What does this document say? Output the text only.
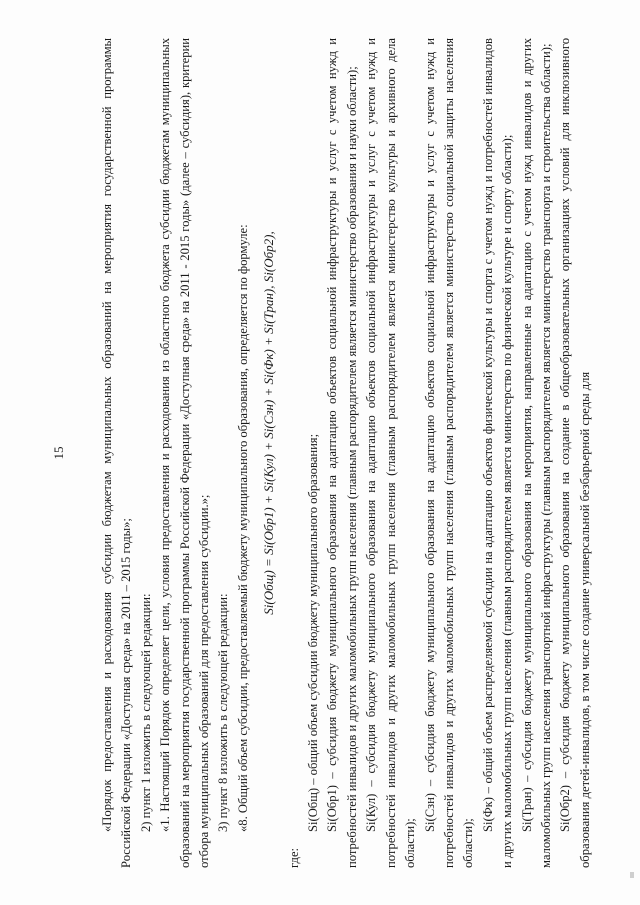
15	«Порядок предоставления и расходования субсидии бюджетам муниципальных образований на мероприятия государственной программы Российской Федерации «Доступная среда» на 2011 – 2015 годы»; 2) пункт 1 изложить в следующей редакции: «1. Настоящий Порядок определяет цели, условия предоставления и расходования из областного бюджета субсидии бюджетам муниципальных образований на мероприятия государственной программы Российской Федерации «Доступная среда» на 2011 - 2015 годы» (далее – субсидия), критерии отбора муниципальных образований для предоставления субсидии.»; 3) пункт 8 изложить в следующей редакции: «8. Общий объем субсидии, предоставляемый бюджету муниципального образования, определяется по формуле: Si(Общ) = Si(Обр1) + Si(Кул) + Si(Сзн) + Si(Фк) + Si(Тран), Si(Обр2),

где:

Si(Общ) – общий объем субсидии бюджету муниципального образования; Si(Обр1) – субсидия бюджету муниципального образования на адаптацию объектов социальной инфраструктуры и услуг с учетом нужд и потребностей инвалидов и других маломобильных групп населения (главным распорядителем является министерство образования и науки области); Si(Кул) – субсидия бюджету муниципального образования на адаптацию объектов социальной инфраструктуры и услуг с учетом нужд и потребностей инвалидов и других маломобильных групп населения (главным распорядителем является министерство культуры и архивного дела области);

Si(Сзн) – субсидия бюджету муниципального образования на адаптацию объектов социальной инфраструктуры и услуг с учетом нужд и потребностей инвалидов и других маломобильных групп населения (главным распорядителем является министерство социальной защиты населения области);

Si(Фк) – общий объем распределяемой субсидии на адаптацию объектов физической культуры и спорта с учетом нужд и потребностей инвалидов и других маломобильных групп населения (главным распорядителем является министерство по физической культуре и спорту области); Si(Тран) – субсидия бюджету муниципального образования на мероприятия, направленные на адаптацию с учетом нужд инвалидов и других маломобильных групп населения транспортной инфраструктуры (главным распорядителем является министерство транспорта и строительства области); Si(Обр2) – субсидия бюджету муниципального образования на создание в общеобразовательных организациях условий для инклюзивного образования детей-инвалидов, в том числе создание универсальной безбарьерной среды для
